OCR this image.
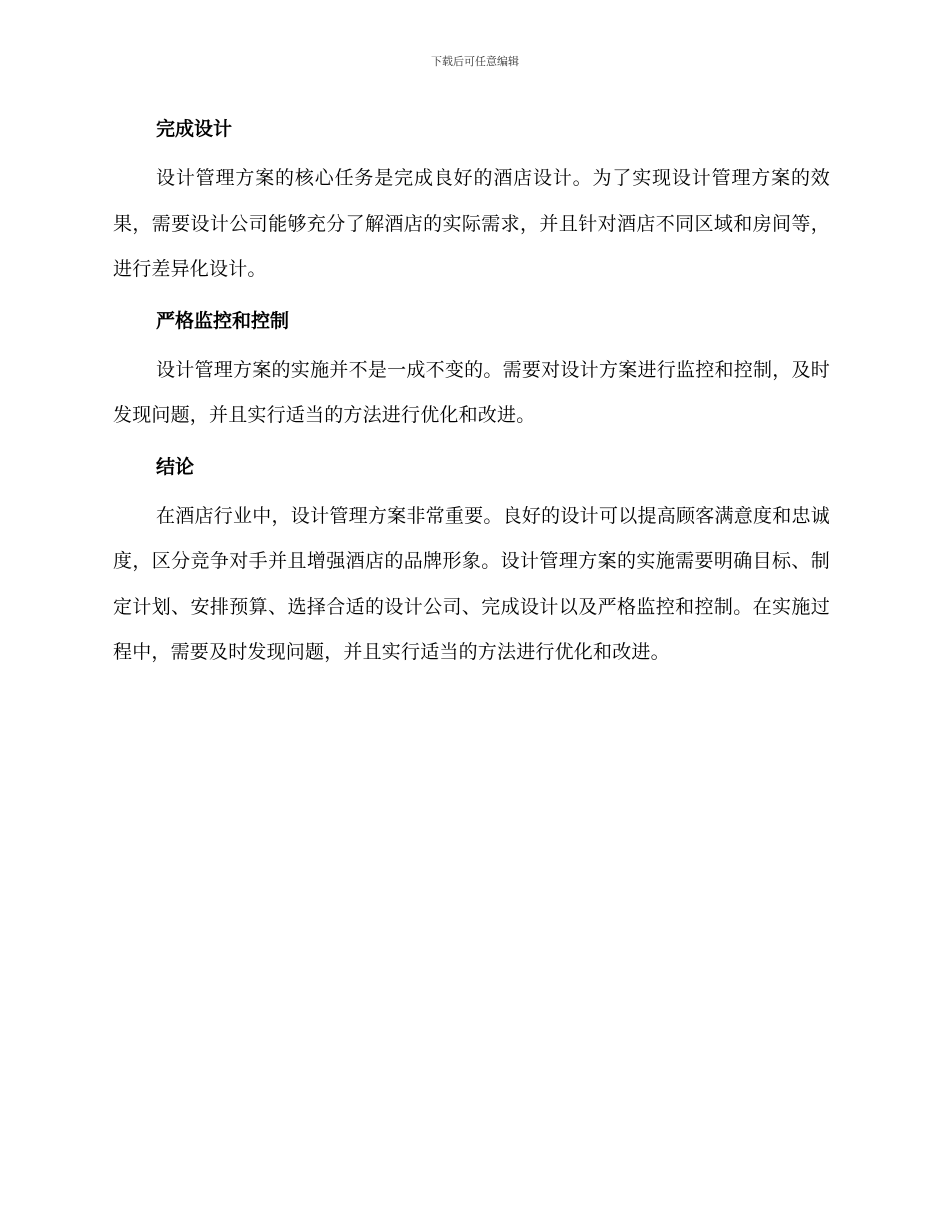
下载后可任意编辑
完成设计

设计管理方案的核心任务是完成良好的酒店设计。为了实现设计管理方案的效果，需要设计公司能够充分了解酒店的实际需求，并且针对酒店不同区域和房间等，进行差异化设计。

严格监控和控制

设计管理方案的实施并不是一成不变的。需要对设计方案进行监控和控制，及时发现问题，并且实行适当的方法进行优化和改进。

结论

在酒店行业中，设计管理方案非常重要。良好的设计可以提高顾客满意度和忠诚度，区分竞争对手并且增强酒店的品牌形象。设计管理方案的实施需要明确目标、制定计划、安排预算、选择合适的设计公司、完成设计以及严格监控和控制。在实施过程中，需要及时发现问题，并且实行适当的方法进行优化和改进。
